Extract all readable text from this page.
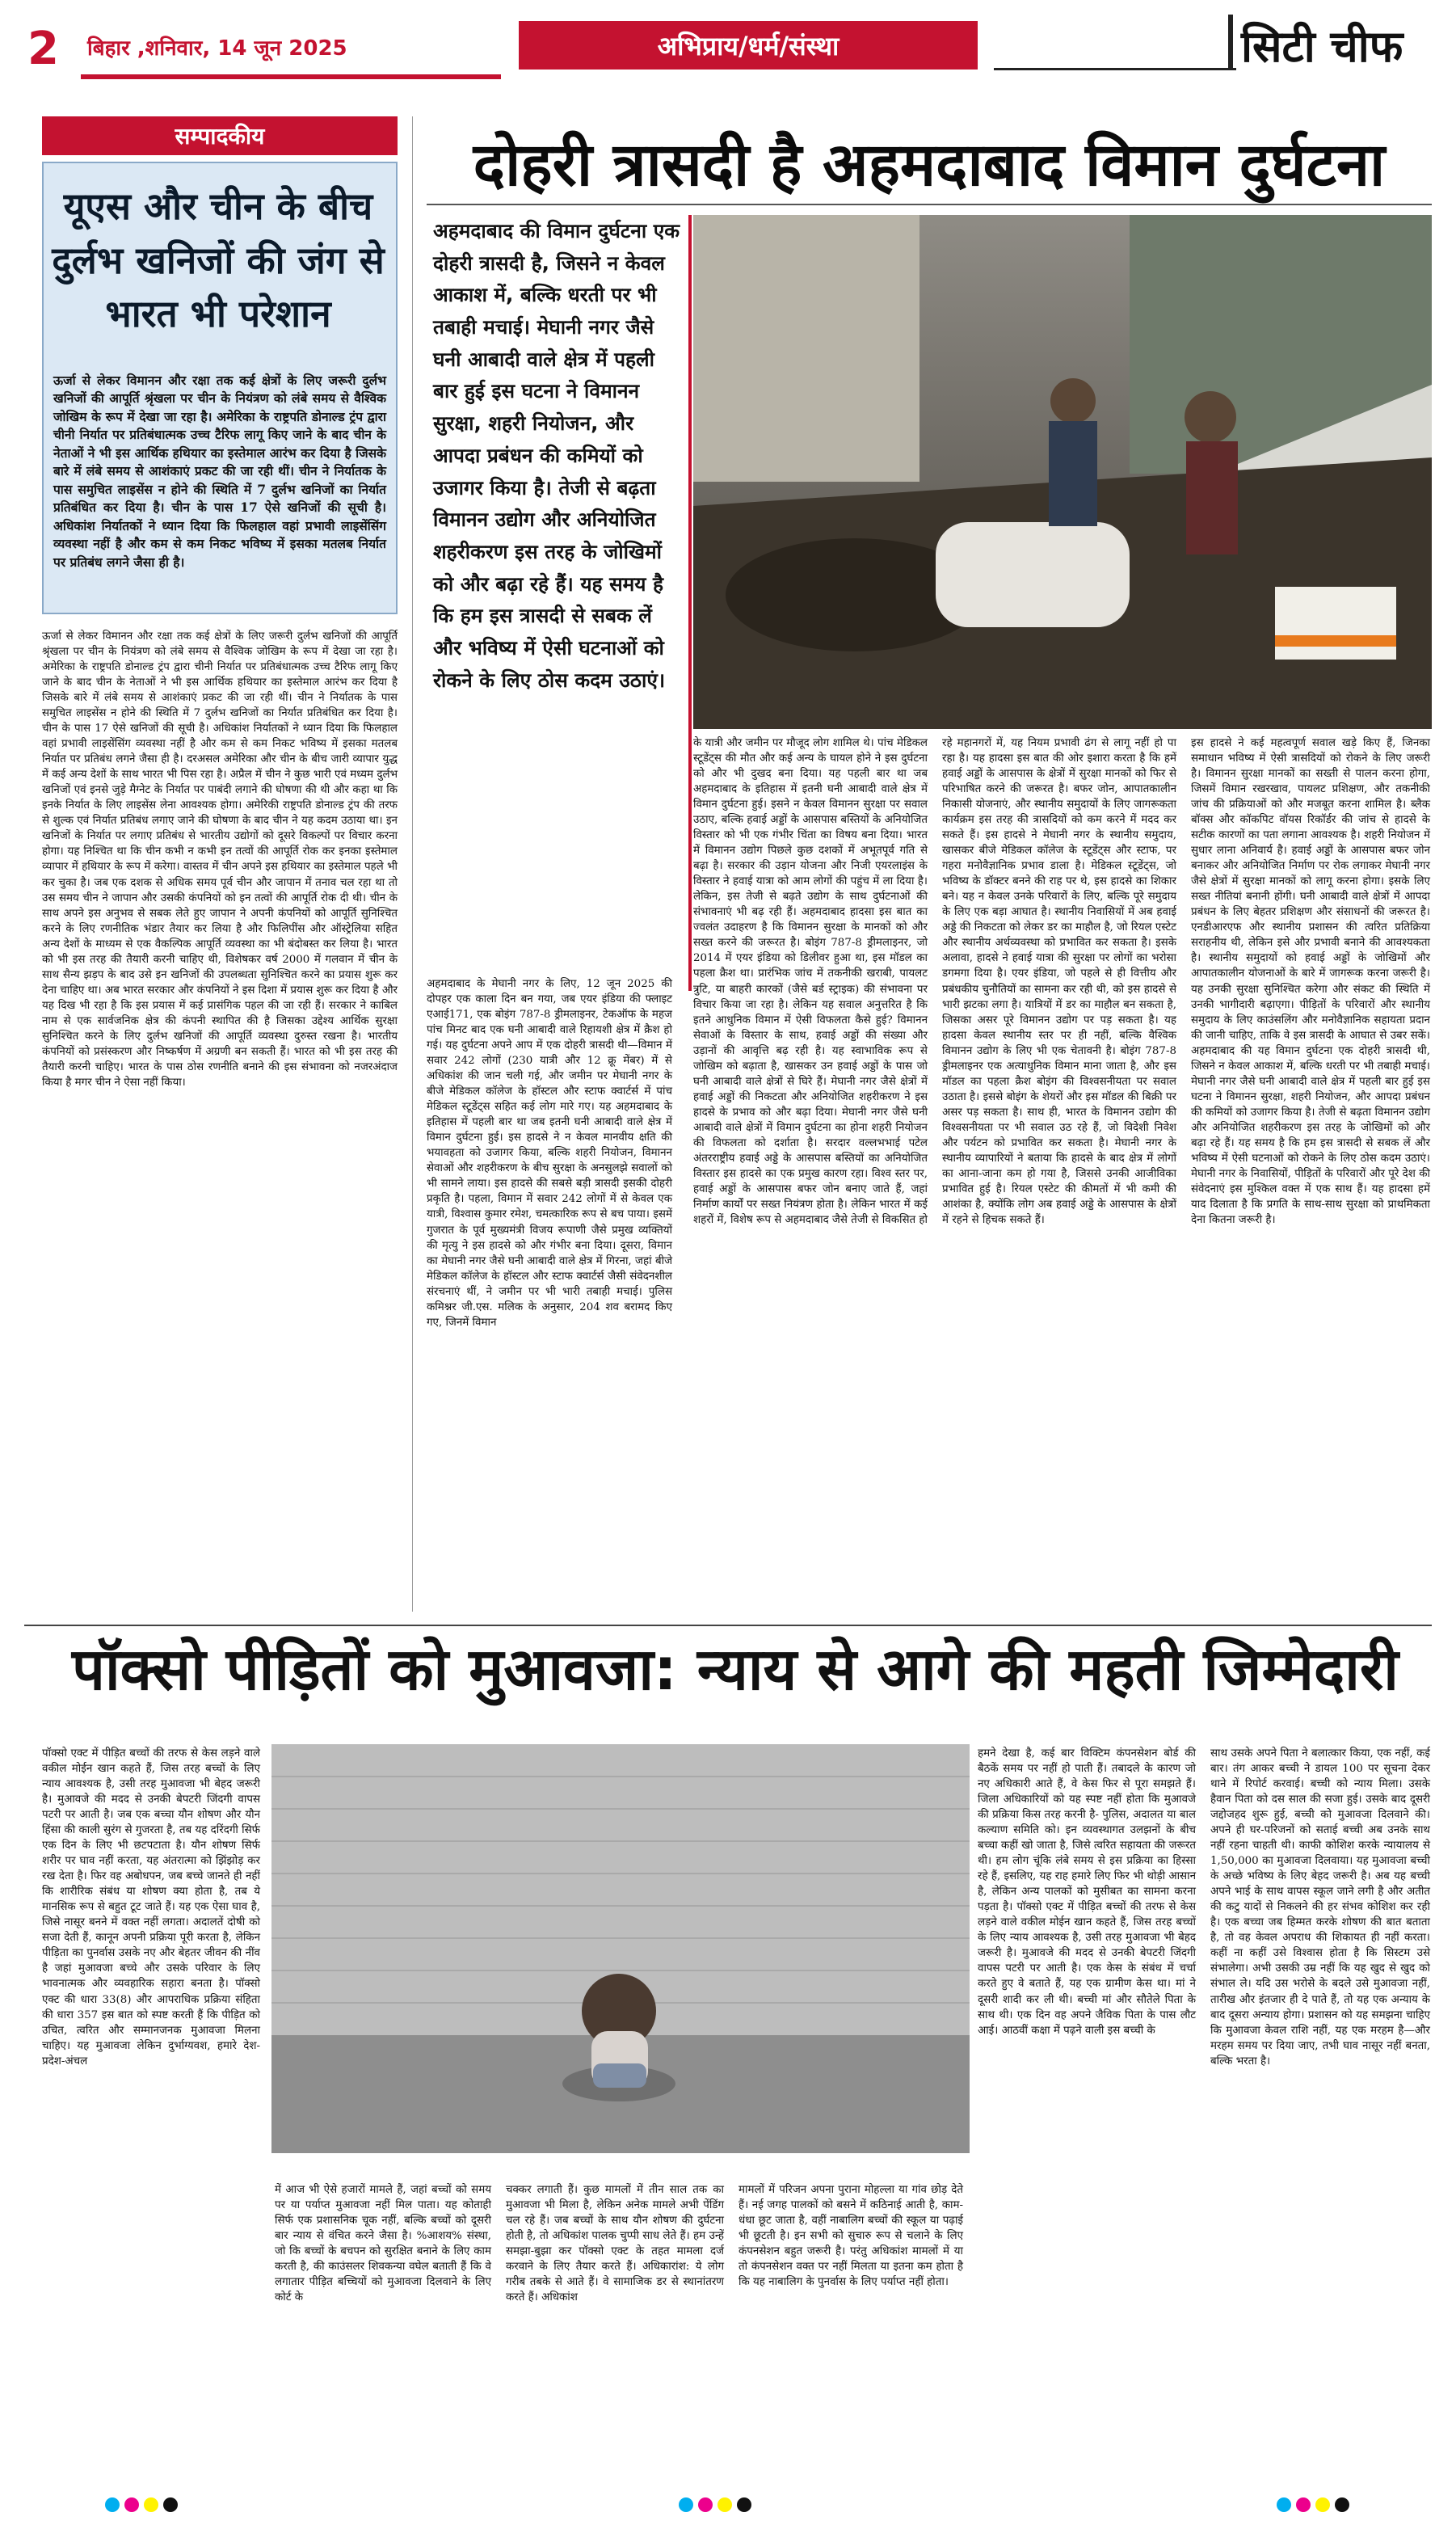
2 बिहार ,शनिवार, 14 जून 2025	अभिप्राय/धर्म/संस्था	सिटी चीफ
सम्पादकीय
यूएस और चीन के बीच दुर्लभ खनिजों की जंग से भारत भी परेशान
ऊर्जा से लेकर विमानन और रक्षा तक कई क्षेत्रों के लिए जरूरी दुर्लभ खनिजों की आपूर्ति श्रृंखला पर चीन के नियंत्रण को लंबे समय से वैश्विक जोखिम के रूप में देखा जा रहा है। अमेरिका के राष्ट्रपति डोनाल्ड ट्रंप द्वारा चीनी निर्यात पर प्रतिबंधात्मक उच्च टैरिफ लागू किए जाने के बाद चीन के नेताओं ने भी इस आर्थिक हथियार का इस्तेमाल आरंभ कर दिया है जिसके बारे में लंबे समय से आशंकाएं प्रकट की जा रही थीं। चीन ने निर्यातक के पास समुचित लाइसेंस न होने की स्थिति में 7 दुर्लभ खनिजों का निर्यात प्रतिबंधित कर दिया है। चीन के पास 17 ऐसे खनिजों की सूची है। अधिकांश निर्यातकों ने ध्यान दिया कि फिलहाल वहां प्रभावी लाइसेंसिंग व्यवस्था नहीं है और कम से कम निकट भविष्य में इसका मतलब निर्यात पर प्रतिबंध लगने जैसा ही है।
ऊर्जा से लेकर विमानन और रक्षा तक कई क्षेत्रों के लिए जरूरी दुर्लभ खनिजों की आपूर्ति श्रृंखला पर चीन के नियंत्रण को लंबे समय से वैश्विक जोखिम के रूप में देखा जा रहा है। अमेरिका के राष्ट्रपति डोनाल्ड ट्रंप द्वारा चीनी निर्यात पर प्रतिबंधात्मक उच्च टैरिफ लागू किए जाने के बाद चीन के नेताओं ने भी इस आर्थिक हथियार का इस्तेमाल आरंभ कर दिया है जिसके बारे में लंबे समय से आशंकाएं प्रकट की जा रही थीं। चीन ने निर्यातक के पास समुचित लाइसेंस न होने की स्थिति में 7 दुर्लभ खनिजों का निर्यात प्रतिबंधित कर दिया है। चीन के पास 17 ऐसे खनिजों की सूची है। अधिकांश निर्यातकों ने ध्यान दिया कि फिलहाल वहां प्रभावी लाइसेंसिंग व्यवस्था नहीं है और कम से कम निकट भविष्य में इसका मतलब निर्यात पर प्रतिबंध लगने जैसा ही है। दरअसल अमेरिका और चीन के बीच जारी व्यापार युद्ध में कई अन्य देशों के साथ भारत भी पिस रहा है। अप्रैल में चीन ने कुछ भारी एवं मध्यम दुर्लभ खनिजों एवं इनसे जुड़े मैग्नेट के निर्यात पर पाबंदी लगाने की घोषणा की थी और कहा था कि इनके निर्यात के लिए लाइसेंस लेना आवश्यक होगा। अमेरिकी राष्ट्रपति डोनाल्ड ट्रंप की तरफ से शुल्क एवं निर्यात प्रतिबंध लगाए जाने की घोषणा के बाद चीन ने यह कदम उठाया था। इन खनिजों के निर्यात पर लगाए प्रतिबंध से भारतीय उद्योगों को दूसरे विकल्पों पर विचार करना होगा। यह निश्चित था कि चीन कभी न कभी इन तत्वों की आपूर्ति रोक कर इनका इस्तेमाल व्यापार में हथियार के रूप में करेगा। वास्तव में चीन अपने इस हथियार का इस्तेमाल पहले भी कर चुका है। जब एक दशक से अधिक समय पूर्व चीन और जापान में तनाव चल रहा था तो उस समय चीन ने जापान और उसकी कंपनियों को इन तत्वों की आपूर्ति रोक दी थी। चीन के साथ अपने इस अनुभव से सबक लेते हुए जापान ने अपनी कंपनियों को आपूर्ति सुनिश्चित करने के लिए रणनीतिक भंडार तैयार कर लिया है और फिलिपींस और ऑस्ट्रेलिया सहित अन्य देशों के माध्यम से एक वैकल्पिक आपूर्ति व्यवस्था का भी बंदोबस्त कर लिया है। भारत को भी इस तरह की तैयारी करनी चाहिए थी, विशेषकर वर्ष 2000 में गलवान में चीन के साथ सैन्य झड़प के बाद उसे इन खनिजों की उपलब्धता सुनिश्चित करने का प्रयास शुरू कर देना चाहिए था। अब भारत सरकार और कंपनियों ने इस दिशा में प्रयास शुरू कर दिया है और यह दिख भी रहा है कि इस प्रयास में कई प्रासंगिक पहल की जा रही हैं। सरकार ने काबिल नाम से एक सार्वजनिक क्षेत्र की कंपनी स्थापित की है जिसका उद्देश्य आर्थिक सुरक्षा सुनिश्चित करने के लिए दुर्लभ खनिजों की आपूर्ति व्यवस्था दुरुस्त रखना है। भारतीय कंपनियों को प्रसंस्करण और निष्कर्षण में अग्रणी बन सकती हैं। भारत को भी इस तरह की तैयारी करनी चाहिए। भारत के पास ठोस रणनीति बनाने की इस संभावना को नजरअंदाज किया है मगर चीन ने ऐसा नहीं किया।
दोहरी त्रासदी है अहमदाबाद विमान दुर्घटना
अहमदाबाद की विमान दुर्घटना एक दोहरी त्रासदी है, जिसने न केवल आकाश में, बल्कि धरती पर भी तबाही मचाई। मेघानी नगर जैसे घनी आबादी वाले क्षेत्र में पहली बार हुई इस घटना ने विमानन सुरक्षा, शहरी नियोजन, और आपदा प्रबंधन की कमियों को उजागर किया है। तेजी से बढ़ता विमानन उद्योग और अनियोजित शहरीकरण इस तरह के जोखिमों को और बढ़ा रहे हैं। यह समय है कि हम इस त्रासदी से सबक लें और भविष्य में ऐसी घटनाओं को रोकने के लिए ठोस कदम उठाएं।
अहमदाबाद के मेघानी नगर के लिए, 12 जून 2025 की दोपहर एक काला दिन बन गया, जब एयर इंडिया की फ्लाइट एआई171, एक बोइंग 787-8 ड्रीमलाइनर, टेकऑफ के महज पांच मिनट बाद एक घनी आबादी वाले रिहायशी क्षेत्र में क्रैश हो गई। यह दुर्घटना अपने आप में एक दोहरी त्रासदी थी—विमान में सवार 242 लोगों (230 यात्री और 12 क्रू मेंबर) में से अधिकांश की जान चली गई, और जमीन पर मेघानी नगर के बीजे मेडिकल कॉलेज के हॉस्टल और स्टाफ क्वार्टर्स में पांच मेडिकल स्टूडेंट्स सहित कई लोग मारे गए। यह अहमदाबाद के इतिहास में पहली बार था जब इतनी घनी आबादी वाले क्षेत्र में विमान दुर्घटना हुई। इस हादसे ने न केवल मानवीय क्षति की भयावहता को उजागर किया, बल्कि शहरी नियोजन, विमानन सेवाओं और शहरीकरण के बीच सुरक्षा के अनसुलझे सवालों को भी सामने लाया। इस हादसे की सबसे बड़ी त्रासदी इसकी दोहरी प्रकृति है। पहला, विमान में सवार 242 लोगों में से केवल एक यात्री, विश्वास कुमार रमेश, चमत्कारिक रूप से बच पाया। इसमें गुजरात के पूर्व मुख्यमंत्री विजय रूपाणी जैसे प्रमुख व्यक्तियों की मृत्यु ने इस हादसे को और गंभीर बना दिया। दूसरा, विमान का मेघानी नगर जैसे घनी आबादी वाले क्षेत्र में गिरना, जहां बीजे मेडिकल कॉलेज के हॉस्टल और स्टाफ क्वार्टर्स जैसी संवेदनशील संरचनाएं थीं, ने जमीन पर भी भारी तबाही मचाई। पुलिस कमिश्नर जी.एस. मलिक के अनुसार, 204 शव बरामद किए गए, जिनमें विमान
के यात्री और जमीन पर मौजूद लोग शामिल थे। पांच मेडिकल स्टूडेंट्स की मौत और कई अन्य के घायल होने ने इस दुर्घटना को और भी दुखद बना दिया। यह पहली बार था जब अहमदाबाद के इतिहास में इतनी घनी आबादी वाले क्षेत्र में विमान दुर्घटना हुई। इसने न केवल विमानन सुरक्षा पर सवाल उठाए, बल्कि हवाई अड्डों के आसपास बस्तियों के अनियोजित विस्तार को भी एक गंभीर चिंता का विषय बना दिया। भारत में विमानन उद्योग पिछले कुछ दशकों में अभूतपूर्व गति से बढ़ा है। सरकार की उड़ान योजना और निजी एयरलाइंस के विस्तार ने हवाई यात्रा को आम लोगों की पहुंच में ला दिया है। लेकिन, इस तेजी से बढ़ते उद्योग के साथ दुर्घटनाओं की संभावनाएं भी बढ़ रही हैं। अहमदाबाद हादसा इस बात का ज्वलंत उदाहरण है कि विमानन सुरक्षा के मानकों को और सख्त करने की जरूरत है। बोइंग 787-8 ड्रीमलाइनर, जो 2014 में एयर इंडिया को डिलीवर हुआ था, इस मॉडल का पहला क्रैश था। प्रारंभिक जांच में तकनीकी खराबी, पायलट त्रुटि, या बाहरी कारकों (जैसे बर्ड स्ट्राइक) की संभावना पर विचार किया जा रहा है। लेकिन यह सवाल अनुत्तरित है कि इतने आधुनिक विमान में ऐसी विफलता कैसे हुई? विमानन सेवाओं के विस्तार के साथ, हवाई अड्डों की संख्या और उड़ानों की आवृत्ति बढ़ रही है। यह स्वाभाविक रूप से जोखिम को बढ़ाता है, खासकर उन हवाई अड्डों के पास जो घनी आबादी वाले क्षेत्रों से घिरे हैं। मेघानी नगर जैसे क्षेत्रों में हवाई अड्डों की निकटता और अनियोजित शहरीकरण ने इस हादसे के प्रभाव को और बढ़ा दिया। मेघानी नगर जैसे घनी आबादी वाले क्षेत्रों में विमान दुर्घटना का होना शहरी नियोजन की विफलता को दर्शाता है। सरदार वल्लभभाई पटेल अंतरराष्ट्रीय हवाई अड्डे के आसपास बस्तियों का अनियोजित विस्तार इस हादसे का एक प्रमुख कारण रहा। विश्व स्तर पर, हवाई अड्डों के आसपास बफर जोन बनाए जाते हैं, जहां निर्माण कार्यों पर सख्त नियंत्रण होता है। लेकिन भारत में कई शहरों में, विशेष रूप से अहमदाबाद जैसे तेजी से विकसित हो
रहे महानगरों में, यह नियम प्रभावी ढंग से लागू नहीं हो पा रहा है। यह हादसा इस बात की ओर इशारा करता है कि हमें हवाई अड्डों के आसपास के क्षेत्रों में सुरक्षा मानकों को फिर से परिभाषित करने की जरूरत है। बफर जोन, आपातकालीन निकासी योजनाएं, और स्थानीय समुदायों के लिए जागरूकता कार्यक्रम इस तरह की त्रासदियों को कम करने में मदद कर सकते हैं। इस हादसे ने मेघानी नगर के स्थानीय समुदाय, खासकर बीजे मेडिकल कॉलेज के स्टूडेंट्स और स्टाफ, पर गहरा मनोवैज्ञानिक प्रभाव डाला है। मेडिकल स्टूडेंट्स, जो भविष्य के डॉक्टर बनने की राह पर थे, इस हादसे का शिकार बने। यह न केवल उनके परिवारों के लिए, बल्कि पूरे समुदाय के लिए एक बड़ा आघात है। स्थानीय निवासियों में अब हवाई अड्डे की निकटता को लेकर डर का माहौल है, जो रियल एस्टेट और स्थानीय अर्थव्यवस्था को प्रभावित कर सकता है। इसके अलावा, हादसे ने हवाई यात्रा की सुरक्षा पर लोगों का भरोसा डगमगा दिया है। एयर इंडिया, जो पहले से ही वित्तीय और प्रबंधकीय चुनौतियों का सामना कर रही थी, को इस हादसे से भारी झटका लगा है। यात्रियों में डर का माहौल बन सकता है, जिसका असर पूरे विमानन उद्योग पर पड़ सकता है। यह हादसा केवल स्थानीय स्तर पर ही नहीं, बल्कि वैश्विक विमानन उद्योग के लिए भी एक चेतावनी है। बोइंग 787-8 ड्रीमलाइनर एक अत्याधुनिक विमान माना जाता है, और इस मॉडल का पहला क्रैश बोइंग की विश्वसनीयता पर सवाल उठाता है। इससे बोइंग के शेयरों और इस मॉडल की बिक्री पर असर पड़ सकता है। साथ ही, भारत के विमानन उद्योग की विश्वसनीयता पर भी सवाल उठ रहे हैं, जो विदेशी निवेश और पर्यटन को प्रभावित कर सकता है। मेघानी नगर के स्थानीय व्यापारियों ने बताया कि हादसे के बाद क्षेत्र में लोगों का आना-जाना कम हो गया है, जिससे उनकी आजीविका प्रभावित हुई है। रियल एस्टेट की कीमतों में भी कमी की आशंका है, क्योंकि लोग अब हवाई अड्डे के आसपास के क्षेत्रों में रहने से हिचक सकते हैं।
इस हादसे ने कई महत्वपूर्ण सवाल खड़े किए हैं, जिनका समाधान भविष्य में ऐसी त्रासदियों को रोकने के लिए जरूरी है। विमानन सुरक्षा मानकों का सख्ती से पालन करना होगा, जिसमें विमान रखरखाव, पायलट प्रशिक्षण, और तकनीकी जांच की प्रक्रियाओं को और मजबूत करना शामिल है। ब्लैक बॉक्स और कॉकपिट वॉयस रिकॉर्डर की जांच से हादसे के सटीक कारणों का पता लगाना आवश्यक है। शहरी नियोजन में सुधार लाना अनिवार्य है। हवाई अड्डों के आसपास बफर जोन बनाकर और अनियोजित निर्माण पर रोक लगाकर मेघानी नगर जैसे क्षेत्रों में सुरक्षा मानकों को लागू करना होगा। इसके लिए सख्त नीतियां बनानी होंगी। घनी आबादी वाले क्षेत्रों में आपदा प्रबंधन के लिए बेहतर प्रशिक्षण और संसाधनों की जरूरत है। एनडीआरएफ और स्थानीय प्रशासन की त्वरित प्रतिक्रिया सराहनीय थी, लेकिन इसे और प्रभावी बनाने की आवश्यकता है। स्थानीय समुदायों को हवाई अड्डों के जोखिमों और आपातकालीन योजनाओं के बारे में जागरूक करना जरूरी है। यह उनकी सुरक्षा सुनिश्चित करेगा और संकट की स्थिति में उनकी भागीदारी बढ़ाएगा। पीड़ितों के परिवारों और स्थानीय समुदाय के लिए काउंसलिंग और मनोवैज्ञानिक सहायता प्रदान की जानी चाहिए, ताकि वे इस त्रासदी के आघात से उबर सकें। अहमदाबाद की यह विमान दुर्घटना एक दोहरी त्रासदी थी, जिसने न केवल आकाश में, बल्कि धरती पर भी तबाही मचाई। मेघानी नगर जैसे घनी आबादी वाले क्षेत्र में पहली बार हुई इस घटना ने विमानन सुरक्षा, शहरी नियोजन, और आपदा प्रबंधन की कमियों को उजागर किया है। तेजी से बढ़ता विमानन उद्योग और अनियोजित शहरीकरण इस तरह के जोखिमों को और बढ़ा रहे हैं। यह समय है कि हम इस त्रासदी से सबक लें और भविष्य में ऐसी घटनाओं को रोकने के लिए ठोस कदम उठाएं। मेघानी नगर के निवासियों, पीड़ितों के परिवारों और पूरे देश की संवेदनाएं इस मुश्किल वक्त में एक साथ हैं। यह हादसा हमें याद दिलाता है कि प्रगति के साथ-साथ सुरक्षा को प्राथमिकता देना कितना जरूरी है।
पॉक्सो पीड़ितों को मुआवजा: न्याय से आगे की महती जिम्मेदारी
पॉक्सो एक्ट में पीड़ित बच्चों की तरफ से केस लड़ने वाले वकील मोईन खान कहते हैं, जिस तरह बच्चों के लिए न्याय आवश्यक है, उसी तरह मुआवजा भी बेहद जरूरी है। मुआवजे की मदद से उनकी बेपटरी जिंदगी वापस पटरी पर आती है। जब एक बच्चा यौन शोषण और यौन हिंसा की काली सुरंग से गुजरता है, तब यह दरिंदगी सिर्फ एक दिन के लिए भी छटपटाता है। यौन शोषण सिर्फ शरीर पर घाव नहीं करता, यह अंतरात्मा को झिंझोड़ कर रख देता है। फिर वह अबोधपन, जब बच्चे जानते ही नहीं कि शारीरिक संबंध या शोषण क्या होता है, तब ये मानसिक रूप से बहुत टूट जाते हैं। यह एक ऐसा घाव है, जिसे नासूर बनने में वक्त नहीं लगता। अदालतें दोषी को सजा देती हैं, कानून अपनी प्रक्रिया पूरी करता है, लेकिन पीड़िता का पुनर्वास उसके नए और बेहतर जीवन की नींव है जहां मुआवजा बच्चे और उसके परिवार के लिए भावनात्मक और व्यवहारिक सहारा बनता है। पॉक्सो एक्ट की धारा 33(8) और आपराधिक प्रक्रिया संहिता की धारा 357 इस बात को स्पष्ट करती हैं कि पीड़ित को उचित, त्वरित और सम्मानजनक मुआवजा मिलना चाहिए। यह मुआवजा लेकिन दुर्भाग्यवश, हमारे देश-प्रदेश-अंचल
में आज भी ऐसे हजारों मामले हैं, जहां बच्चों को समय पर या पर्याप्त मुआवजा नहीं मिल पाता। यह कोताही सिर्फ एक प्रशासनिक चूक नहीं, बल्कि बच्चों को दूसरी बार न्याय से वंचित करने जैसा है। %आशय% संस्था, जो कि बच्चों के बचपन को सुरक्षित बनाने के लिए काम करती है, की काउंसलर शिवकन्या वघेल बताती हैं कि वे लगातार पीड़ित बच्चियों को मुआवजा दिलवाने के लिए कोर्ट के
चक्कर लगाती हैं। कुछ मामलों में तीन साल तक का मुआवजा भी मिला है, लेकिन अनेक मामले अभी पेंडिंग चल रहे हैं। जब बच्चों के साथ यौन शोषण की दुर्घटना होती है, तो अधिकांश पालक चुप्पी साध लेते हैं। हम उन्हें समझा-बुझा कर पॉक्सो एक्ट के तहत मामला दर्ज करवाने के लिए तैयार करते हैं। अधिकारांश: ये लोग गरीब तबके से आते हैं। वे सामाजिक डर से स्थानांतरण करते हैं। अधिकांश
मामलों में परिजन अपना पुराना मोहल्ला या गांव छोड़ देते हैं। नई जगह पालकों को बसने में कठिनाई आती है, काम-धंधा छूट जाता है, वहीं नाबालिग बच्चों की स्कूल या पढ़ाई भी छूटती है। इन सभी को सुचारु रूप से चलाने के लिए कंपनसेशन बहुत जरूरी है। परंतु अधिकांश मामलों में या तो कंपनसेशन वक्त पर नहीं मिलता या इतना कम होता है कि यह नाबालिग के पुनर्वास के लिए पर्याप्त नहीं होता।
हमने देखा है, कई बार विक्टिम कंपनसेशन बोर्ड की बैठकें समय पर नहीं हो पाती हैं। तबादले के कारण जो नए अधिकारी आते हैं, वे केस फिर से पूरा समझते हैं। जिला अधिकारियों को यह स्पष्ट नहीं होता कि मुआवजे की प्रक्रिया किस तरह करनी है- पुलिस, अदालत या बाल कल्याण समिति को। इन व्यवस्थागत उलझनों के बीच बच्चा कहीं खो जाता है, जिसे त्वरित सहायता की जरूरत थी। हम लोग चूंकि लंबे समय से इस प्रक्रिया का हिस्सा रहे हैं, इसलिए, यह राह हमारे लिए फिर भी थोड़ी आसान है, लेकिन अन्य पालकों को मुसीबत का सामना करना पड़ता है। पॉक्सो एक्ट में पीड़ित बच्चों की तरफ से केस लड़ने वाले वकील मोईन खान कहते हैं, जिस तरह बच्चों के लिए न्याय आवश्यक है, उसी तरह मुआवजा भी बेहद जरूरी है। मुआवजे की मदद से उनकी बेपटरी जिंदगी वापस पटरी पर आती है। एक केस के संबंध में चर्चा करते हुए वे बताते हैं, यह एक ग्रामीण केस था। मां ने दूसरी शादी कर ली थी। बच्ची मां और सौतेले पिता के साथ थी। एक दिन वह अपने जैविक पिता के पास लौट आई। आठवीं कक्षा में पढ़ने वाली इस बच्ची के
साथ उसके अपने पिता ने बलात्कार किया, एक नहीं, कई बार। तंग आकर बच्ची ने डायल 100 पर सूचना देकर थाने में रिपोर्ट करवाई। बच्ची को न्याय मिला। उसके हैवान पिता को दस साल की सजा हुई। उसके बाद दूसरी जद्दोजहद शुरू हुई, बच्ची को मुआवजा दिलवाने की। अपने ही घर-परिजनों को सताई बच्ची अब उनके साथ नहीं रहना चाहती थी। काफी कोशिश करके न्यायालय से 1,50,000 का मुआवजा दिलवाया। यह मुआवजा बच्ची के अच्छे भविष्य के लिए बेहद जरूरी है। अब यह बच्ची अपने भाई के साथ वापस स्कूल जाने लगी है और अतीत की कटु यादों से निकलने की हर संभव कोशिश कर रही है। एक बच्चा जब हिम्मत करके शोषण की बात बताता है, तो वह केवल अपराध की शिकायत ही नहीं करता। कहीं ना कहीं उसे विश्वास होता है कि सिस्टम उसे संभालेगा। अभी उसकी उम्र नहीं कि यह खुद से खुद को संभाल ले। यदि उस भरोसे के बदले उसे मुआवजा नहीं, तारीख और इंतजार ही दे पाते हैं, तो यह एक अन्याय के बाद दूसरा अन्याय होगा। प्रशासन को यह समझना चाहिए कि मुआवजा केवल राशि नहीं, यह एक मरहम है—और मरहम समय पर दिया जाए, तभी घाव नासूर नहीं बनता, बल्कि भरता है।
